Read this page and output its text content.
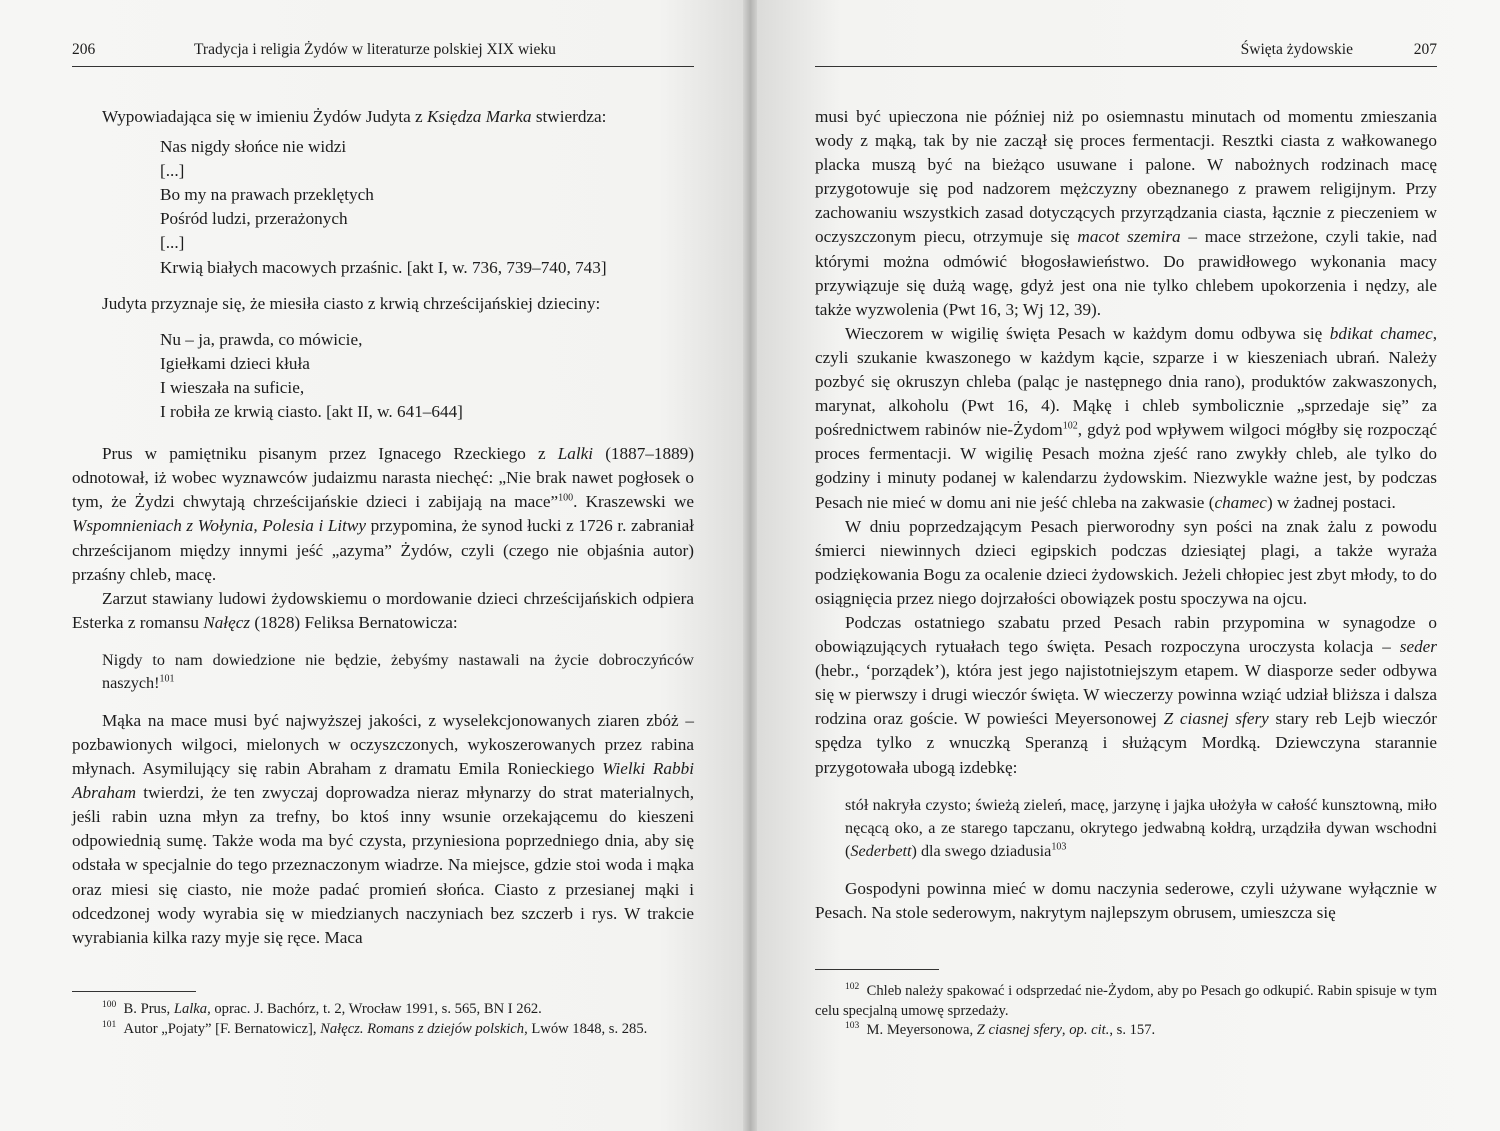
206	Tradycja i religia Żydów w literaturze polskiej XIX wieku

Wypowiadająca się w imieniu Żydów Judyta z Księdza Marka stwierdza:

Nas nigdy słońce nie widzi
[...]
Bo my na prawach przeklętych
Pośród ludzi, przerażonych
[...]
Krwią białych macowych przaśnic. [akt I, w. 736, 739–740, 743]

Judyta przyznaje się, że miesiła ciasto z krwią chrześcijańskiej dzieciny:

Nu – ja, prawda, co mówicie,
Igiełkami dzieci kłuła
I wieszała na suficie,
I robiła ze krwią ciasto. [akt II, w. 641–644]

Prus w pamiętniku pisanym przez Ignacego Rzeckiego z Lalki (1887–1889) odnotował, iż wobec wyznawców judaizmu narasta niechęć: „Nie brak nawet pogłosek o tym, że Żydzi chwytają chrześcijańskie dzieci i zabijają na mace”$^{100}$. Kraszewski we Wspomnieniach z Wołynia, Polesia i Litwy przypomina, że synod łucki z 1726 r. zabraniał chrześcijanom między innymi jeść „azyma” Żydów, czyli (czego nie objaśnia autor) przaśny chleb, macę.

Zarzut stawiany ludowi żydowskiemu o mordowanie dzieci chrześcijańskich odpiera Esterka z romansu Nałęcz (1828) Feliksa Bernatowicza:

Nigdy to nam dowiedzione nie będzie, żebyśmy nastawali na życie dobroczyńców naszych!$^{101}$

Mąka na mace musi być najwyższej jakości, z wyselekcjonowanych ziaren zbóż – pozbawionych wilgoci, mielonych w oczyszczonych, wykoszerowanych przez rabina młynach. Asymilujący się rabin Abraham z dramatu Emila Ronieckiego Wielki Rabbi Abraham twierdzi, że ten zwyczaj doprowadza nieraz młynarzy do strat materialnych, jeśli rabin uzna młyn za trefny, bo ktoś inny wsunie orzekającemu do kieszeni odpowiednią sumę. Także woda ma być czysta, przyniesiona poprzedniego dnia, aby się odstała w specjalnie do tego przeznaczonym wiadrze. Na miejsce, gdzie stoi woda i mąka oraz miesi się ciasto, nie może padać promień słońca. Ciasto z przesianej mąki i odcedzonej wody wyrabia się w miedzianych naczyniach bez szczerb i rys. W trakcie wyrabiania kilka razy myje się ręce. Maca

$^{100}$ B. Prus, Lalka, oprac. J. Bachórz, t. 2, Wrocław 1991, s. 565, BN I 262.
$^{101}$ Autor „Pojaty” [F. Bernatowicz], Nałęcz. Romans z dziejów polskich, Lwów 1848, s. 285.
Święta żydowskie	207

musi być upieczona nie później niż po osiemnastu minutach od momentu zmieszania wody z mąką, tak by nie zaczął się proces fermentacji. Resztki ciasta z wałkowanego placka muszą być na bieżąco usuwane i palone. W nabożnych rodzinach macę przygotowuje się pod nadzorem mężczyzny obeznanego z prawem religijnym. Przy zachowaniu wszystkich zasad dotyczących przyrządzania ciasta, łącznie z pieczeniem w oczyszczonym piecu, otrzymuje się macot szemira – mace strzeżone, czyli takie, nad którymi można odmówić błogosławieństwo. Do prawidłowego wykonania macy przywiązuje się dużą wagę, gdyż jest ona nie tylko chlebem upokorzenia i nędzy, ale także wyzwolenia (Pwt 16, 3; Wj 12, 39).

Wieczorem w wigilię święta Pesach w każdym domu odbywa się bdikat chamec, czyli szukanie kwaszonego w każdym kącie, szparze i w kieszeniach ubrań. Należy pozbyć się okruszyn chleba (paląc je następnego dnia rano), produktów zakwaszonych, marynat, alkoholu (Pwt 16, 4). Mąkę i chleb symbolicznie „sprzedaje się” za pośrednictwem rabinów nie-Żydom$^{102}$, gdyż pod wpływem wilgoci mógłby się rozpocząć proces fermentacji. W wigilię Pesach można zjeść rano zwykły chleb, ale tylko do godziny i minuty podanej w kalendarzu żydowskim. Niezwykle ważne jest, by podczas Pesach nie mieć w domu ani nie jeść chleba na zakwasie (chamec) w żadnej postaci.

W dniu poprzedzającym Pesach pierworodny syn pości na znak żalu z powodu śmierci niewinnych dzieci egipskich podczas dziesiątej plagi, a także wyraża podziękowania Bogu za ocalenie dzieci żydowskich. Jeżeli chłopiec jest zbyt młody, to do osiągnięcia przez niego dojrzałości obowiązek postu spoczywa na ojcu.

Podczas ostatniego szabatu przed Pesach rabin przypomina w synagodze o obowiązujących rytuałach tego święta. Pesach rozpoczyna uroczysta kolacja – seder (hebr., ‘porządek’), która jest jego najistotniejszym etapem. W diasporze seder odbywa się w pierwszy i drugi wieczór święta. W wieczerzy powinna wziąć udział bliższa i dalsza rodzina oraz goście. W powieści Meyersonowej Z ciasnej sfery stary reb Lejb wieczór spędza tylko z wnuczką Speranzą i służącym Mordką. Dziewczyna starannie przygotowała ubogą izdebkę:

stół nakryła czysto; świeżą zieleń, macę, jarzynę i jajka ułożyła w całość kunsztowną, miło nęcącą oko, a ze starego tapczanu, okrytego jedwabną kołdrą, urządziła dywan wschodni (Sederbett) dla swego dziadusia$^{103}$

Gospodyni powinna mieć w domu naczynia sederowe, czyli używane wyłącznie w Pesach. Na stole sederowym, nakrytym najlepszym obrusem, umieszcza się

$^{102}$ Chleb należy spakować i odsprzedać nie-Żydom, aby po Pesach go odkupić. Rabin spisuje w tym celu specjalną umowę sprzedaży.
$^{103}$ M. Meyersonowa, Z ciasnej sfery, op. cit., s. 157.
